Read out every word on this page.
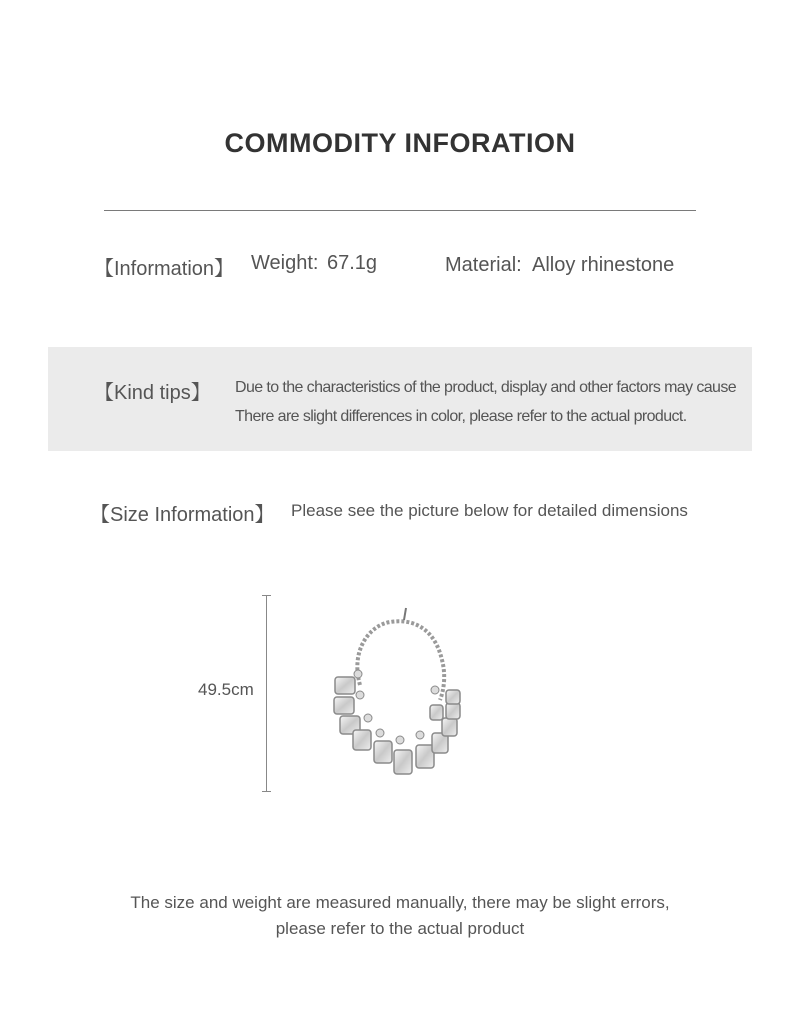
COMMODITY INFORATION
【Information】 Weight: 67.1g	Material: Alloy rhinestone
【Kind tips】 Due to the characteristics of the product, display and other factors may cause
There are slight differences in color, please refer to the actual product.
【Size Information】 Please see the picture below for detailed dimensions
49.5cm
The size and weight are measured manually, there may be slight errors,
please refer to the actual product
